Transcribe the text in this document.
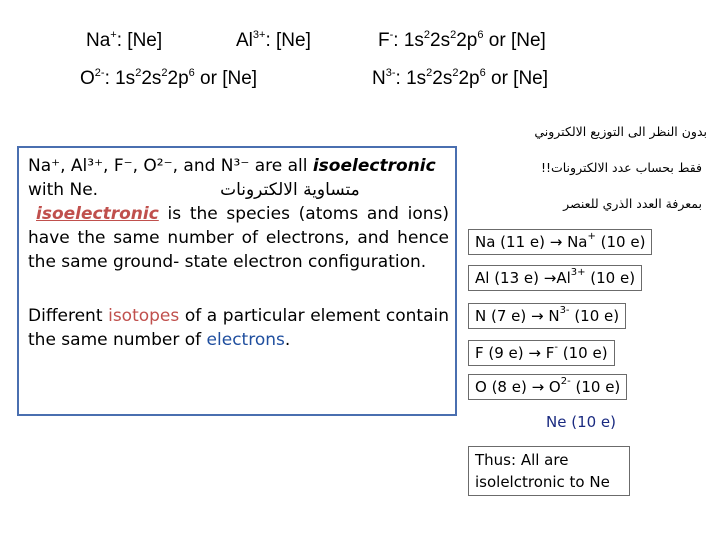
Na+: [Ne]	$Al^{3+}$: [Ne]	F-: $1s^22s^22p^6$ or [Ne]
$O^{2-}$: $1s^22s^22p^6$ or [Ne]	$N^{3-}$: $1s^22s^22p^6$ or [Ne]

Na⁺, Al³⁺, F⁻, O²⁻, and N³⁻ are all isoelectronic
with Ne.	متساوية الالكترونات

isoelectronic is the species (atoms and ions) have the same number of electrons, and hence the same ground- state electron configuration.

Different isotopes of a particular element contain the same number of electrons.

بدون النظر الى التوزيع الالكتروني
فقط بحساب عدد الالكترونات!!
بمعرفة العدد الذري للعنصر
Na (11 e) → Na+ (10 e)
Al (13 $e) \to Al^{3+}$ (10 e)
N (7 $e) \to N^{3-}$ (10 e)
F (9 e) → F- (10 e)
O (8 $e) \to O^{2-}$ (10 e)
Ne (10 e)
Thus: All are
isolelctronic to Ne
